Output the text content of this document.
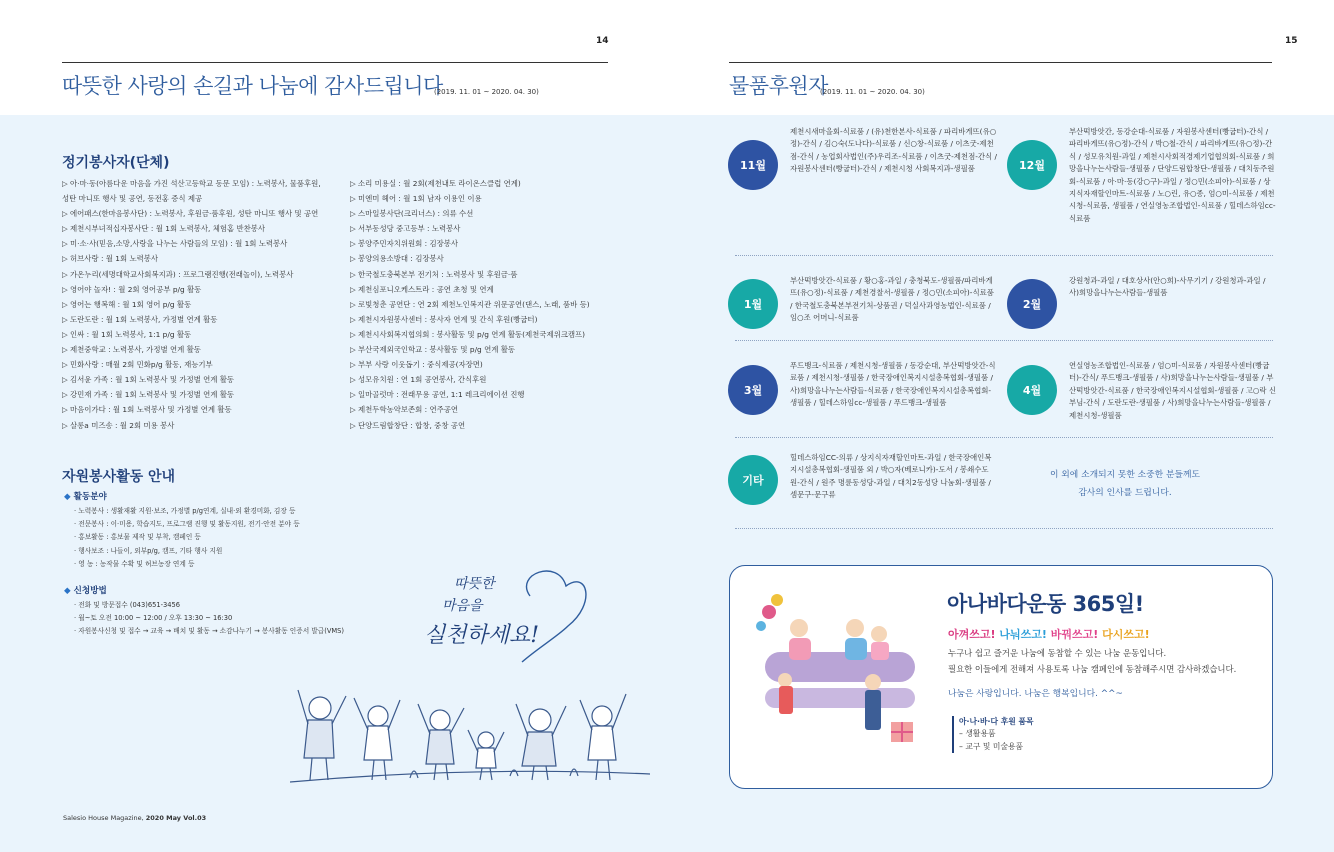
14
따뜻한 사랑의 손길과 나눔에 감사드립니다
(2019. 11. 01 ~ 2020. 04. 30)
정기봉사자(단체)
▷ 아·마·동(아름다운 마음을 가진 석산고등학교 동문 모임) : 노력봉사, 물품후원,
성탄 마니또 행사 및 공연, 동전홍 증식 제공
▷ 에어패스(한마음봉사단) : 노력봉사, 후원금·품후원, 성탄 마니또 행사 및 공연
▷ 제천시부녀적십자봉사단 : 월 1회 노력봉사, 체험홈 반찬봉사
▷ 미·소·사(믿음,소망,사랑을 나누는 사람들의 모임) : 월 1회 노력봉사
▷ 허브사랑 : 월 1회 노력봉사
▷ 가온누리(세명대학교사회복지과) : 프로그램진행(전래놀이), 노력봉사
▷ 영어야 놀자! : 월 2회 영어공부 p/g 활동
▷ 영어는 행복해 : 월 1회 영어 p/g 활동
▷ 도란도란 : 월 1회 노력봉사, 가정별 연계 활동
▷ 인싸 : 월 1회 노력봉사, 1:1 p/g 활동
▷ 제천중학교 : 노력봉사, 가정별 연계 활동
▷ 민화사랑 : 매월 2회 민화p/g 활동, 재능기부
▷ 김서윤 가족 : 월 1회 노력봉사 및 가정별 연계 활동
▷ 강민재 가족 : 월 1회 노력봉사 및 가정별 연계 활동
▷ 마음이가다 : 월 1회 노력봉사 및 가정별 연계 활동
▷ 살롱a 미즈송 : 월 2회 미용 봉사
▷ 소리 미용실 : 월 2회(제천내토 라이온스클럽 연계)
▷ 미엔미 헤어 : 월 1회 남자 이용인 이용
▷ 스마일봉사단(크리너스) : 의류 수선
▷ 서부동성당 중고등부 : 노력봉사
▷ 봉양주민자치위원회 : 김장봉사
▷ 봉양의용소방대 : 김장봉사
▷ 한국철도충북본부 전기처 : 노력봉사 및 후원금·품
▷ 제천심포니오케스트라 : 공연 초청 및 연계
▷ 로빛청춘 공연단 : 연 2회 제천노인복지관 위문공연(댄스, 노래, 품바 등)
▷ 제천시자원봉사센터 : 봉사자 연계 및 간식 후원(빵굽터)
▷ 제천시사회복지협의회 : 봉사활동 및 p/g 연계 활동(제천국제위크캠프)
▷ 부산국제외국인학교 : 봉사활동 및 p/g 연계 활동
▷ 부부 사랑 이웃돕기 : 중식제공(자장면)
▷ 성모유치원 : 연 1회 공연봉사, 간식후원
▷ 일마골럿마 : 전래무용 공연, 1:1 레크리에이션 진행
▷ 제천두학농악보존회 : 연주공연
▷ 단양드림합창단 : 합창, 중창 공연
자원봉사활동 안내
◆ 활동분야
· 노력봉사 : 생활재활 지원·보조, 가정별 p/g연계, 실내·외 환경미화, 김장 등
· 전문봉사 : 이·미용, 학습지도, 프로그램 진행 및 활동지원, 전기·안전 분야 등
· 홍보활동 : 홍보물 제작 및 부착, 캠페인 등
· 행사보조 : 나들이, 외부p/g, 캠프, 기타 행사 지원
· 영 농 : 농작물 수확 및 허브농장 연계 등
◆ 신청방법
· 전화 및 방문접수 (043)651-3456
· 월~토 오전 10:00 ~ 12:00 / 오후 13:30 ~ 16:30
· 자원봉사신청 및 접수 → 교육 → 배치 및 활동 → 소감나누기 → 봉사활동 인증서 발급(VMS)
따뜻한
마음을
실천하세요!
Salesio House Magazine, 2020 May Vol.03
15
물품후원자
(2019. 11. 01 ~ 2020. 04. 30)
11월
제천시새마을회-식료품 / (유)천한본사-식료품 / 파리바게뜨(유○정)-간식 / 김○숙(도나다)-식료품 / 신○창-식료품 / 이츠굿-제천점-간식 / 농업회사법인(주)우리조-식료품 / 이츠굿-제천점-간식 / 자원봉사센터(빵굽터)-간식 / 제천시청 사회복지과-생필품	12월
부산떡방앗간, 동강순대-식료품 / 자원봉사센터(빵굽터)-간식 / 파리바게뜨(유○정)-간식 / 박○철-간식 / 파리바게뜨(유○정)-간식 / 성모유치원-과일 / 제천시사회적경제기업협의회-식료품 / 희망을나누는사람들-생필품 / 단양드림합창단-생필품 / 대치동주원회-식료품 / 아·마·동(강○구)-과일 / 정○민(소피아)-식료품 / 상지식자재할인마트-식료품 / 노○린, 유○종, 엄○미-식료품 / 제천시청-식료품, 생필품 / 연실영농조합법인-식료품 / 힐데스하임cc-식료품
1월
부산떡방앗간-식료품 / 황○홍-과일 / 충청북도-생필품/파리바게뜨(유○정)-식료품 / 제천경찰서-생필품 / 정○민(소피아)-식료품 / 한국철도충북본부전기처-상품권 / 덕실사과영농법인-식료품 / 임○조 어머니-식료품
2월
강원청과-과일 / 대호상사(안○희)-사무기기 / 강원청과-과일 / 사)희망을나누는사람들-생필품
3월
푸드뱅크-식료품 / 제천시청-생필품 / 동강순대, 부산떡방앗간-식료품 / 제천시청-생필품 / 한국장애인복지시설총복협회-생필품 / 사)희망을나누는사람들-식료품 / 한국장애인복지시설총복협회-생필품 / 힐데스하임cc-생필품 / 푸드뱅크-생필품
4월
연실영농조합법인-식료품 / 엄○미-식료품 / 자원봉사센터(빵굽터)-간식/ 푸드뱅크-생필품 / 사)희망을나누는사람들-생필품 / 부산떡방앗간-식료품 / 한국장애인복지시설협회-생필품 / 고○락 신부님-간식 / 도란도란-생필품 / 사)희망을나누는사람들-생필품 / 제천시청-생필품
기타
힐데스하임CC-의류 / 상지식자재할인마트-과일 / 한국장애인복지시설총복협회-생필품 외 / 박○자(베로니카)-도서 / 봉쇄수도원-간식 / 원주 명륜동성당-과일 / 대치2동성당 나눔회-생필품 / 셈문구-문구류
이 외에 소개되지 못한 소중한 분들께도
감사의 인사를 드립니다.
아나바다운동 365일!
아껴쓰고! 나눠쓰고! 바꿔쓰고! 다시쓰고!
누구나 쉽고 즐거운 나눔에 동참할 수 있는 나눔 운동입니다.
필요한 이들에게 전해져 사용토록 나눔 캠페인에 동참해주시면 감사하겠습니다.
나눔은 사랑입니다. 나눔은 행복입니다. ^^~
아·나·바·다 후원 품목
– 생활용품
– 교구 및 미술용품
